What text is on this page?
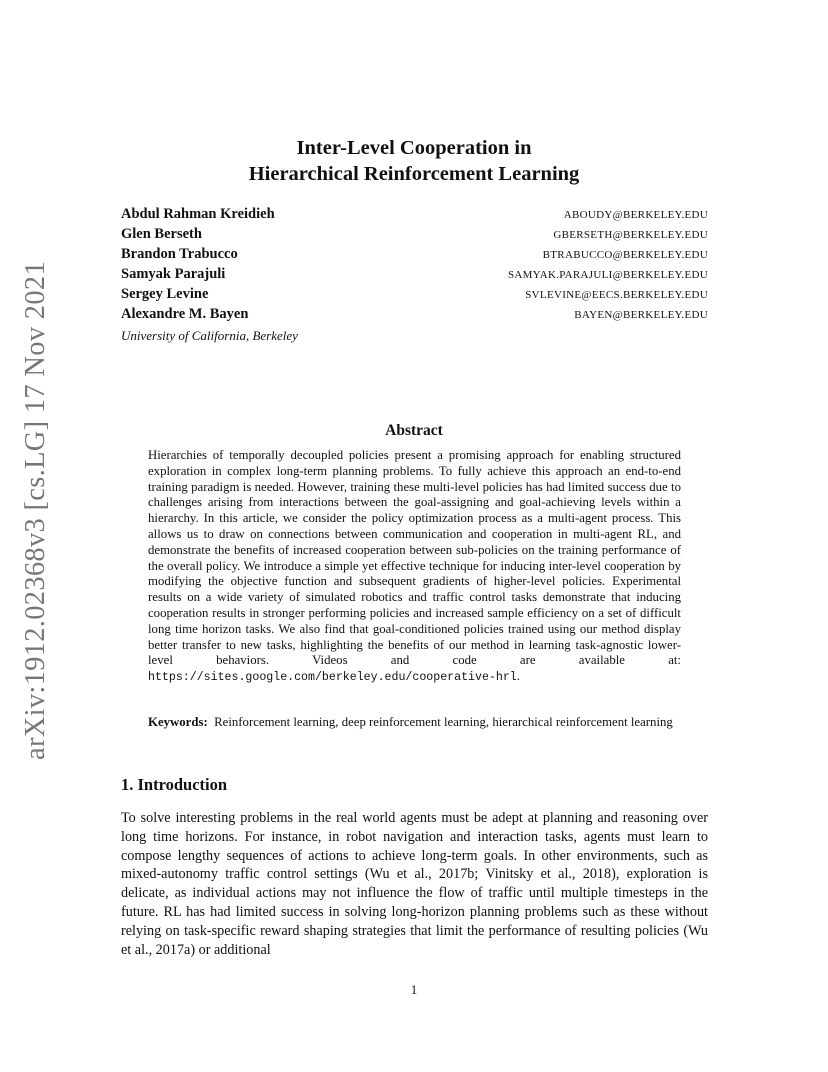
arXiv:1912.02368v3 [cs.LG] 17 Nov 2021
Inter-Level Cooperation in
Hierarchical Reinforcement Learning
Abdul Rahman Kreidieh	ABOUDY@BERKELEY.EDU
Glen Berseth	GBERSETH@BERKELEY.EDU
Brandon Trabucco	BTRABUCCO@BERKELEY.EDU
Samyak Parajuli	SAMYAK.PARAJULI@BERKELEY.EDU
Sergey Levine	SVLEVINE@EECS.BERKELEY.EDU
Alexandre M. Bayen	BAYEN@BERKELEY.EDU
University of California, Berkeley
Abstract
Hierarchies of temporally decoupled policies present a promising approach for enabling structured exploration in complex long-term planning problems. To fully achieve this approach an end-to-end training paradigm is needed. However, training these multi-level policies has had limited success due to challenges arising from interactions between the goal-assigning and goal-achieving levels within a hierarchy. In this article, we consider the policy optimization process as a multi-agent process. This allows us to draw on connections between communication and cooperation in multi-agent RL, and demonstrate the benefits of increased cooperation between sub-policies on the training performance of the overall policy. We introduce a simple yet effective technique for inducing inter-level cooperation by modifying the objective function and subsequent gradients of higher-level policies. Experimental results on a wide variety of simulated robotics and traffic control tasks demonstrate that inducing cooperation results in stronger performing policies and increased sample efficiency on a set of difficult long time horizon tasks. We also find that goal-conditioned policies trained using our method display better transfer to new tasks, highlighting the benefits of our method in learning task-agnostic lower-level behaviors. Videos and code are available at: https://sites.google.com/berkeley.edu/cooperative-hrl.
Keywords: Reinforcement learning, deep reinforcement learning, hierarchical reinforcement learning
1. Introduction
To solve interesting problems in the real world agents must be adept at planning and reasoning over long time horizons. For instance, in robot navigation and interaction tasks, agents must learn to compose lengthy sequences of actions to achieve long-term goals. In other environments, such as mixed-autonomy traffic control settings (Wu et al., 2017b; Vinitsky et al., 2018), exploration is delicate, as individual actions may not influence the flow of traffic until multiple timesteps in the future. RL has had limited success in solving long-horizon planning problems such as these without relying on task-specific reward shaping strategies that limit the performance of resulting policies (Wu et al., 2017a) or additional
1
